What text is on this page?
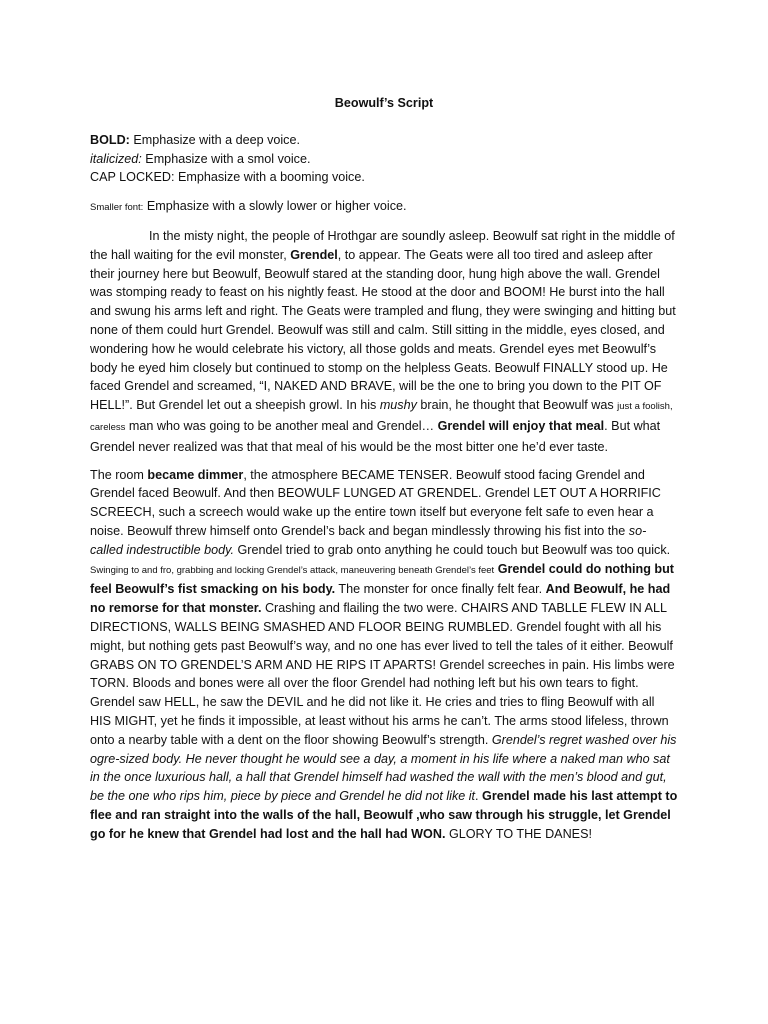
Beowulf’s Script

BOLD: Emphasize with a deep voice.

italicized: Emphasize with a smol voice.

CAP LOCKED: Emphasize with a booming voice.

Smaller font: Emphasize with a slowly lower or higher voice.

In the misty night, the people of Hrothgar are soundly asleep. Beowulf sat right in the middle of the hall waiting for the evil monster, Grendel, to appear. The Geats were all too tired and asleep after their journey here but Beowulf, Beowulf stared at the standing door, hung high above the wall. Grendel was stomping ready to feast on his nightly feast. He stood at the door and BOOM! He burst into the hall and swung his arms left and right. The Geats were trampled and flung, they were swinging and hitting but none of them could hurt Grendel. Beowulf was still and calm. Still sitting in the middle, eyes closed, and wondering how he would celebrate his victory, all those golds and meats. Grendel eyes met Beowulf’s body he eyed him closely but continued to stomp on the helpless Geats. Beowulf FINALLY stood up. He faced Grendel and screamed, “I, NAKED AND BRAVE, will be the one to bring you down to the PIT OF HELL!”. But Grendel let out a sheepish growl. In his mushy brain, he thought that Beowulf was just a foolish, careless man who was going to be another meal and Grendel… Grendel will enjoy that meal. But what Grendel never realized was that that meal of his would be the most bitter one he’d ever taste.

The room became dimmer, the atmosphere BECAME TENSER. Beowulf stood facing Grendel and Grendel faced Beowulf. And then BEOWULF LUNGED AT GRENDEL. Grendel LET OUT A HORRIFIC SCREECH, such a screech would wake up the entire town itself but everyone felt safe to even hear a noise. Beowulf threw himself onto Grendel’s back and began mindlessly throwing his fist into the so-called indestructible body. Grendel tried to grab onto anything he could touch but Beowulf was too quick. Swinging to and fro, grabbing and locking Grendel’s attack, maneuvering beneath Grendel’s feet Grendel could do nothing but feel Beowulf’s fist smacking on his body. The monster for once finally felt fear. And Beowulf, he had no remorse for that monster. Crashing and flailing the two were. CHAIRS AND TABLLE FLEW IN ALL DIRECTIONS, WALLS BEING SMASHED AND FLOOR BEING RUMBLED. Grendel fought with all his might, but nothing gets past Beowulf’s way, and no one has ever lived to tell the tales of it either. Beowulf GRABS ON TO GRENDEL’S ARM AND HE RIPS IT APARTS! Grendel screeches in pain. His limbs were TORN. Bloods and bones were all over the floor Grendel had nothing left but his own tears to fight. Grendel saw HELL, he saw the DEVIL and he did not like it. He cries and tries to fling Beowulf with all HIS MIGHT, yet he finds it impossible, at least without his arms he can’t. The arms stood lifeless, thrown onto a nearby table with a dent on the floor showing Beowulf’s strength. Grendel’s regret washed over his ogre-sized body. He never thought he would see a day, a moment in his life where a naked man who sat in the once luxurious hall, a hall that Grendel himself had washed the wall with the men’s blood and gut, be the one who rips him, piece by piece and Grendel he did not like it. Grendel made his last attempt to flee and ran straight into the walls of the hall, Beowulf ,who saw through his struggle, let Grendel go for he knew that Grendel had lost and the hall had WON. GLORY TO THE DANES!
